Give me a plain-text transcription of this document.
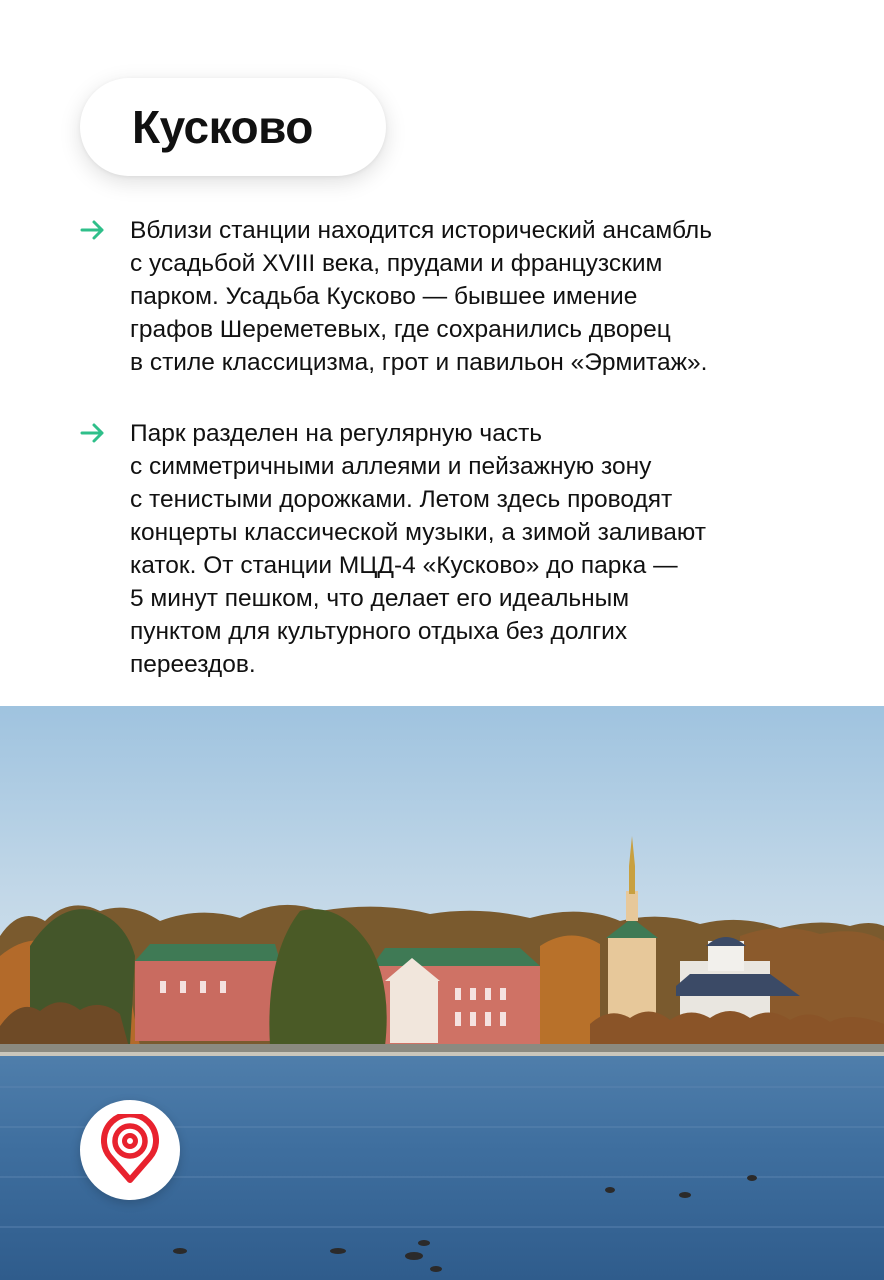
Кусково

Вблизи станции находится исторический ансамбль
с усадьбой XVIII века, прудами и французским
парком. Усадьба Кусково — бывшее имение
графов Шереметевых, где сохранились дворец
в стиле классицизма, грот и павильон «Эрмитаж».

Парк разделен на регулярную часть
с симметричными аллеями и пейзажную зону
с тенистыми дорожками. Летом здесь проводят
концерты классической музыки, а зимой заливают
каток. От станции МЦД-4 «Кусково» до парка —
5 минут пешком, что делает его идеальным
пунктом для культурного отдыха без долгих
переездов.
